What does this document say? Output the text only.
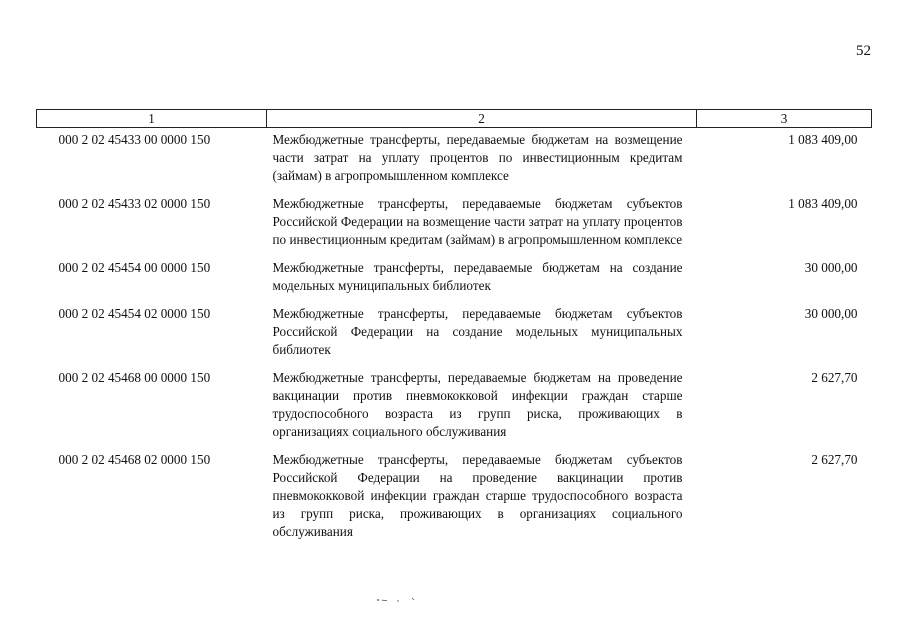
52
1	2	3
000 2 02 45433 00 0000 150	Межбюджетные трансферты, передаваемые бюджетам на возмещение части затрат на уплату процентов по инвестиционным кредитам (займам) в агропромышленном комплексе	1 083 409,00
000 2 02 45433 02 0000 150	Межбюджетные трансферты, передаваемые бюджетам субъектов Российской Федерации на возмещение части затрат на уплату процентов по инвестиционным кредитам (займам) в агропромышленном комплексе	1 083 409,00
000 2 02 45454 00 0000 150	Межбюджетные трансферты, передаваемые бюджетам на создание модельных муниципальных библиотек	30 000,00
000 2 02 45454 02 0000 150	Межбюджетные трансферты, передаваемые бюджетам субъектов Российской Федерации на создание модельных муниципальных библиотек	30 000,00
000 2 02 45468 00 0000 150	Межбюджетные трансферты, передаваемые бюджетам на проведение вакцинации против пневмококковой инфекции граждан старше трудоспособного возраста из групп риска, проживающих в организациях социального обслуживания	2 627,70
000 2 02 45468 02 0000 150	Межбюджетные трансферты, передаваемые бюджетам субъектов Российской Федерации на проведение вакцинации против пневмококковой инфекции граждан старше трудоспособного возраста из групп риска, проживающих в организациях социального обслуживания	2 627,70
